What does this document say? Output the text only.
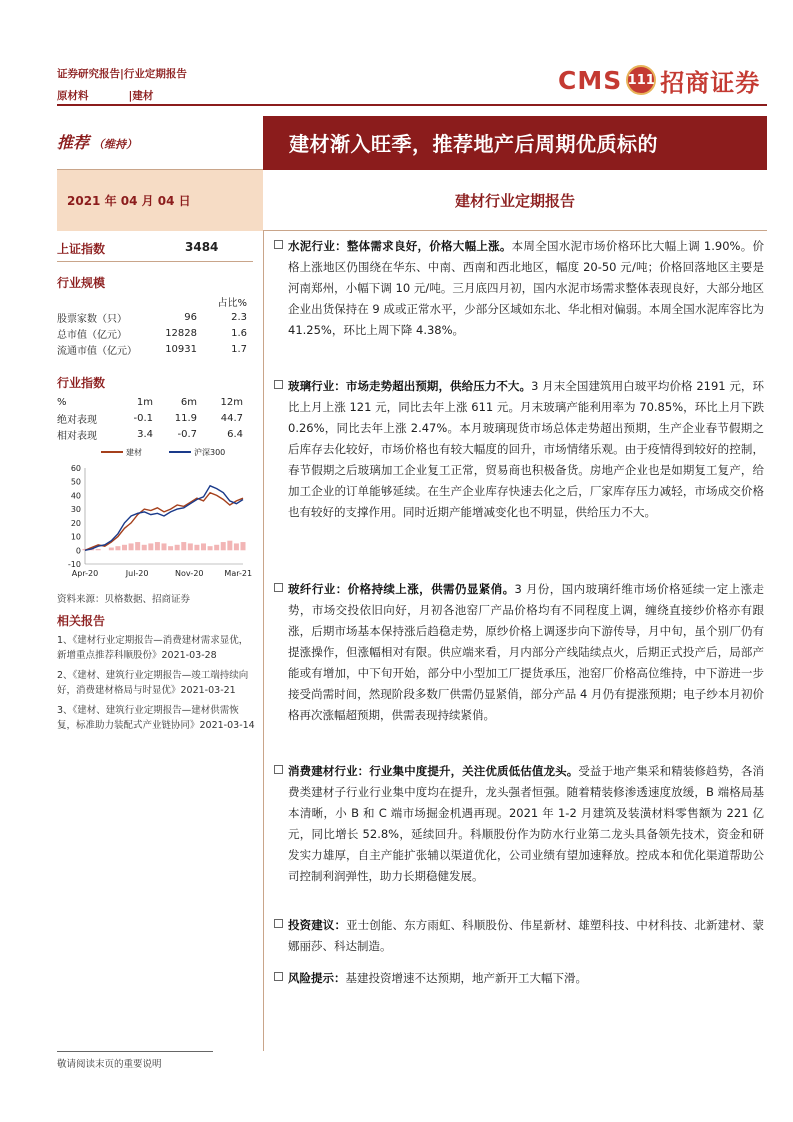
证券研究报告|行业定期报告
原材料	|建材
CMS 111 招商证券
推荐 （维持）	建材渐入旺季，推荐地产后周期优质标的
2021 年 04 月 04 日	建材行业定期报告
上证指数	3484
行业规模
		占比%
股票家数（只）	96	2.3
总市值（亿元）	12828	1.6
流通市值（亿元）	10931	1.7
行业指数
%	1m	6m	12m
绝对表现	-0.1	11.9	44.7
相对表现	3.4	-0.7	6.4
建材	沪深300
60
50
40
30
20
10
0
-10
Apr-20	Jul-20	Nov-20	Mar-21
资料来源：贝格数据、招商证券
相关报告
1、《建材行业定期报告—消费建材需求显优，新增重点推荐科顺股份》2021-03-28
2、《建材、建筑行业定期报告—竣工端持续向好，消费建材格局与时显优》2021-03-21
3、《建材、建筑行业定期报告—建材供需恢复，标准助力装配式产业链协同》2021-03-14
水泥行业：整体需求良好，价格大幅上涨。本周全国水泥市场价格环比大幅上调 1.90%。价格上涨地区仍围绕在华东、中南、西南和西北地区，幅度 20-50 元/吨；价格回落地区主要是河南郑州，小幅下调 10 元/吨。三月底四月初，国内水泥市场需求整体表现良好，大部分地区企业出货保持在 9 成或正常水平，少部分区域如东北、华北相对偏弱。本周全国水泥库容比为 41.25%，环比上周下降 4.38%。
玻璃行业：市场走势超出预期，供给压力不大。3 月末全国建筑用白玻平均价格 2191 元，环比上月上涨 121 元，同比去年上涨 611 元。月末玻璃产能利用率为 70.85%，环比上月下跌 0.26%，同比去年上涨 2.47%。本月玻璃现货市场总体走势超出预期，生产企业春节假期之后库存去化较好，市场价格也有较大幅度的回升，市场情绪乐观。由于疫情得到较好的控制，春节假期之后玻璃加工企业复工正常，贸易商也积极备货。房地产企业也是如期复工复产，给加工企业的订单能够延续。在生产企业库存快速去化之后，厂家库存压力减轻，市场成交价格也有较好的支撑作用。同时近期产能增减变化也不明显，供给压力不大。
玻纤行业：价格持续上涨，供需仍显紧俏。3 月份，国内玻璃纤维市场价格延续一定上涨走势，市场交投依旧向好，月初各池窑厂产品价格均有不同程度上调，缠绕直接纱价格亦有跟涨，后期市场基本保持涨后趋稳走势，原纱价格上调逐步向下游传导，月中旬，虽个别厂仍有提涨操作，但涨幅相对有限。供应端来看，月内部分产线陆续点火，后期正式投产后，局部产能或有增加，中下旬开始，部分中小型加工厂提货承压，池窑厂价格高位维持，中下游进一步接受尚需时间，然现阶段多数厂供需仍显紧俏，部分产品 4 月仍有提涨预期；电子纱本月初价格再次涨幅超预期，供需表现持续紧俏。
消费建材行业：行业集中度提升，关注优质低估值龙头。受益于地产集采和精装修趋势，各消费类建材子行业行业集中度均在提升，龙头强者恒强。随着精装修渗透速度放缓，B 端格局基本清晰，小 B 和 C 端市场掘金机遇再现。2021 年 1-2 月建筑及装潢材料零售额为 221 亿元，同比增长 52.8%，延续回升。科顺股份作为防水行业第二龙头具备领先技术，资金和研发实力雄厚，自主产能扩张辅以渠道优化，公司业绩有望加速释放。控成本和优化渠道帮助公司控制利润弹性，助力长期稳健发展。
投资建议：亚士创能、东方雨虹、科顺股份、伟星新材、雄塑科技、中材科技、北新建材、蒙娜丽莎、科达制造。
风险提示：基建投资增速不达预期，地产新开工大幅下滑。
敬请阅读末页的重要说明
